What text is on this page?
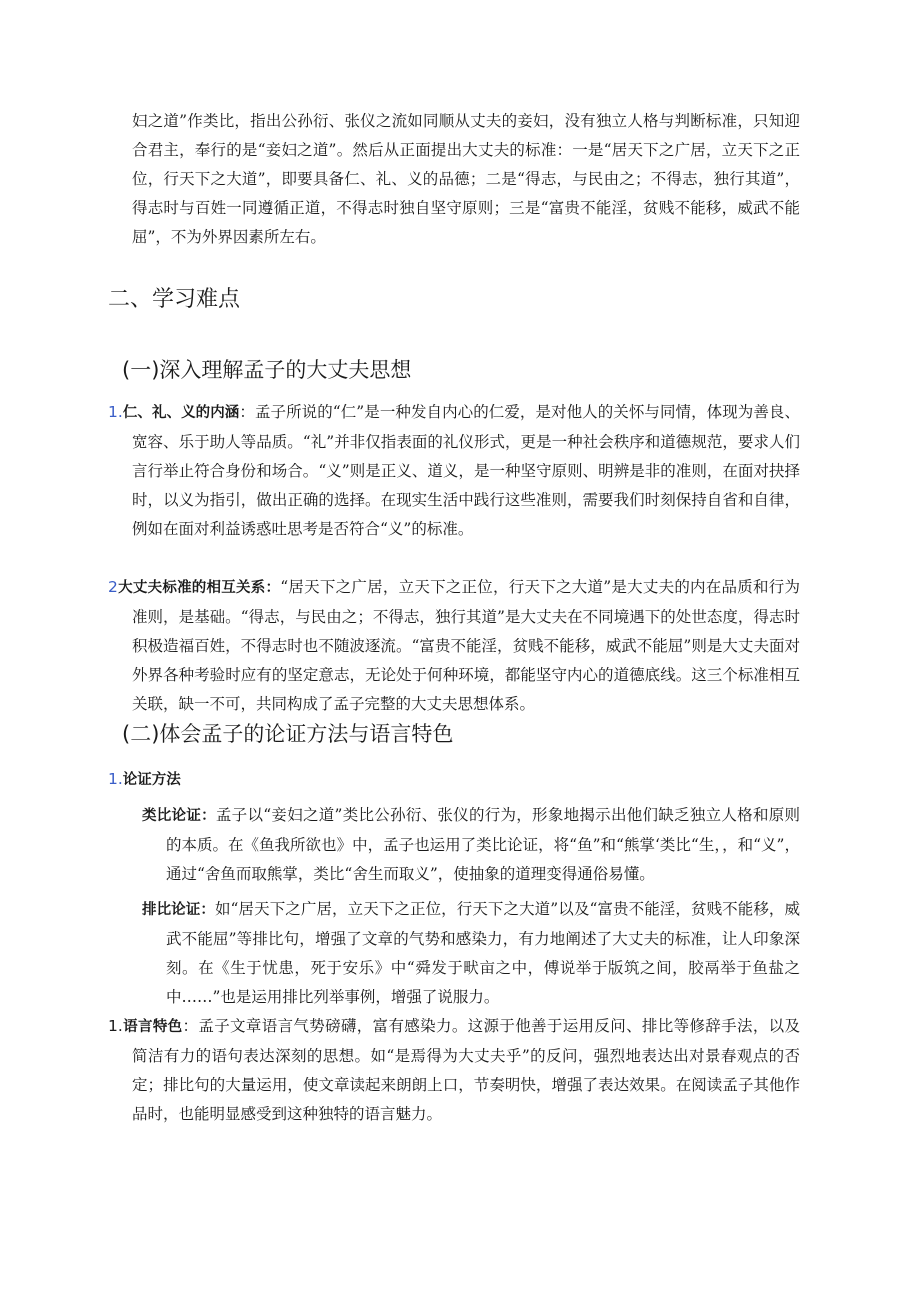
妇之道”作类比，指出公孙衍、张仪之流如同顺从丈夫的妾妇，没有独立人格与判断标准，只知迎合君主，奉行的是“妾妇之道”。然后从正面提出大丈夫的标准：一是“居天下之广居，立天下之正位，行天下之大道”，即要具备仁、礼、义的品德；二是“得志，与民由之；不得志，独行其道”，得志时与百姓一同遵循正道，不得志时独自坚守原则；三是“富贵不能淫，贫贱不能移，威武不能屈”，不为外界因素所左右。

二、学习难点
(一)深入理解孟子的大丈夫思想
1.仁、礼、义的内涵：孟子所说的“仁”是一种发自内心的仁爱，是对他人的关怀与同情，体现为善良、宽容、乐于助人等品质。“礼”并非仅指表面的礼仪形式，更是一种社会秩序和道德规范，要求人们言行举止符合身份和场合。“义”则是正义、道义，是一种坚守原则、明辨是非的准则，在面对抉择时，以义为指引，做出正确的选择。在现实生活中践行这些准则，需要我们时刻保持自省和自律，例如在面对利益诱惑吐思考是否符合“义”的标准。
2大丈夫标准的相互关系：“居天下之广居，立天下之正位，行天下之大道”是大丈夫的内在品质和行为准则，是基础。“得志，与民由之；不得志，独行其道”是大丈夫在不同境遇下的处世态度，得志时积极造福百姓，不得志时也不随波逐流。“富贵不能淫，贫贱不能移，威武不能屈”则是大丈夫面对外界各种考验时应有的坚定意志，无论处于何种环境，都能坚守内心的道德底线。这三个标准相互关联，缺一不可，共同构成了孟子完整的大丈夫思想体系。
(二)体会孟子的论证方法与语言特色
1.论证方法

类比论证：孟子以“妾妇之道”类比公孙衍、张仪的行为，形象地揭示出他们缺乏独立人格和原则的本质。在《鱼我所欲也》中，孟子也运用了类比论证，将“鱼”和“熊掌‘类比“生，，和“义”，通过“舍鱼而取熊掌，类比“舍生而取义”，使抽象的道理变得通俗易懂。

排比论证：如“居天下之广居，立天下之正位，行天下之大道”以及“富贵不能淫，贫贱不能移，威武不能屈”等排比句，增强了文章的气势和感染力，有力地阐述了大丈夫的标准，让人印象深刻。在《生于忧患，死于安乐》中“舜发于畎亩之中，傅说举于版筑之间，胶鬲举于鱼盐之中……”也是运用排比列举事例，增强了说服力。

1.语言特色：孟子文章语言气势磅礴，富有感染力。这源于他善于运用反问、排比等修辞手法，以及简洁有力的语句表达深刻的思想。如“是焉得为大丈夫乎”的反问，强烈地表达出对景春观点的否定；排比句的大量运用，使文章读起来朗朗上口，节奏明快，增强了表达效果。在阅读孟子其他作品时，也能明显感受到这种独特的语言魅力。
